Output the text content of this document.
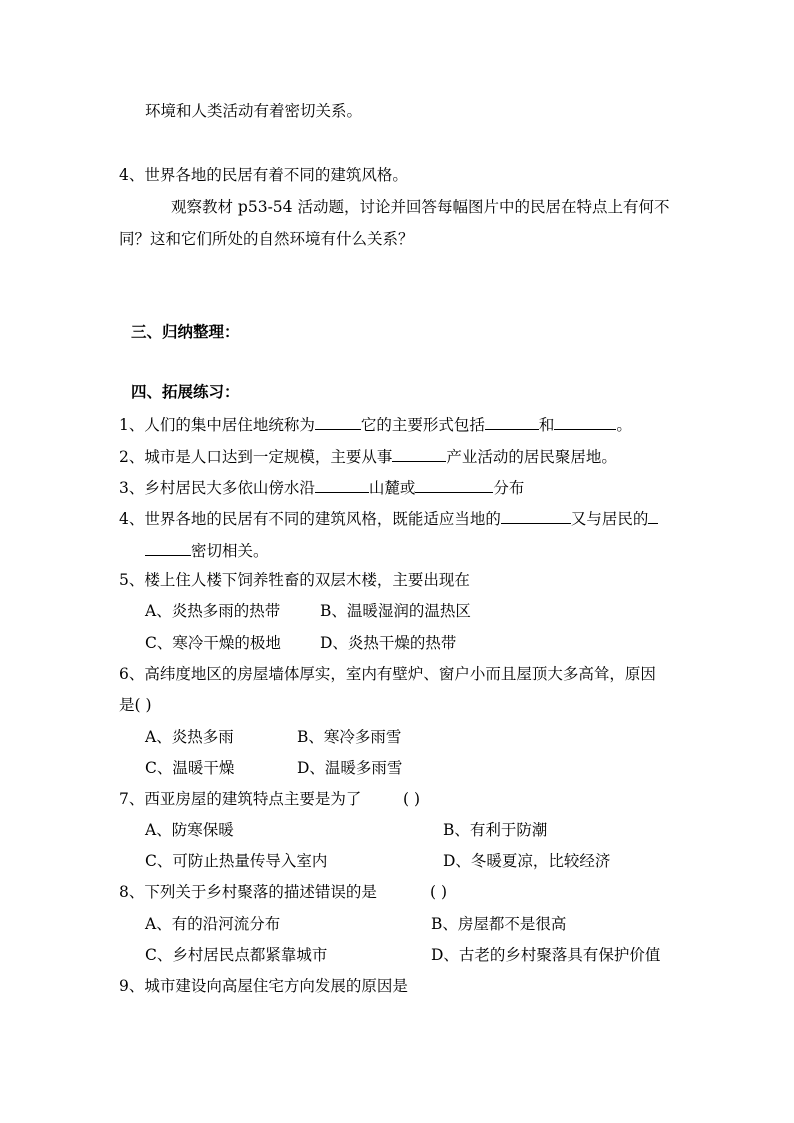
环境和人类活动有着密切关系。
4、世界各地的民居有着不同的建筑风格。
观察教材 p53-54 活动题，讨论并回答每幅图片中的民居在特点上有何不
同？这和它们所处的自然环境有什么关系？
三、归纳整理：
四、拓展练习：
1、人们的集中居住地统称为	它的主要形式包括	和	。
2、城市是人口达到一定规模，主要从事	产业活动的居民聚居地。
3、乡村居民大多依山傍水沿	山麓或	分布
4、世界各地的民居有不同的建筑风格，既能适应当地的	又与居民的
密切相关。
5、楼上住人楼下饲养牲畜的双层木楼，主要出现在
A、炎热多雨的热带	B、温暖湿润的温热区
C、寒冷干燥的极地	D、炎热干燥的热带
6、高纬度地区的房屋墙体厚实，室内有壁炉、窗户小而且屋顶大多高耸，原因
是( )
A、炎热多雨	B、寒冷多雨雪
C、温暖干燥	D、温暖多雨雪
7、西亚房屋的建筑特点主要是为了	( )
A、防寒保暖	B、有利于防潮
C、可防止热量传导入室内	D、冬暖夏凉，比较经济
8、下列关于乡村聚落的描述错误的是	( )
A、有的沿河流分布	B、房屋都不是很高
C、乡村居民点都紧靠城市	D、古老的乡村聚落具有保护价值
9、城市建设向高屋住宅方向发展的原因是
